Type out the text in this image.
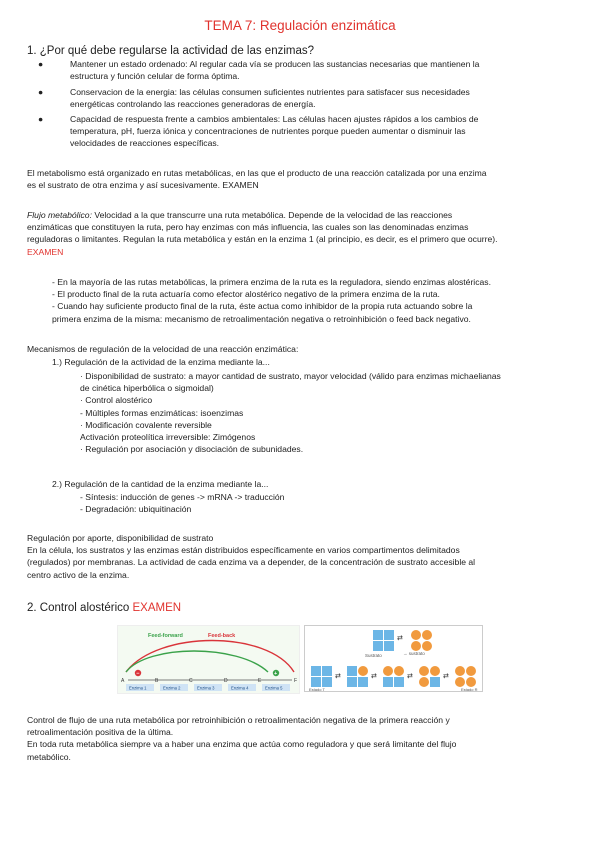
TEMA 7: Regulación enzimática
1. ¿Por qué debe regularse la actividad de las enzimas?
●	Mantener un estado ordenado: Al regular cada vía se producen las sustancias necesarias que mantienen la
estructura y función celular de forma óptima.
●	Conservacion de la energia: las células consumen suficientes nutrientes para satisfacer sus necesidades
energéticas controlando las reacciones generadoras de energía.
●	Capacidad de respuesta frente a cambios ambientales: Las células hacen ajustes rápidos a los cambios de
temperatura, pH, fuerza iónica y concentraciones de nutrientes porque pueden aumentar o disminuir las
velocidades de reacciones específicas.
El metabolismo está organizado en rutas metabólicas, en las que el producto de una reacción catalizada por una enzima
es el sustrato de otra enzima y así sucesivamente. EXAMEN
Flujo metabólico: Velocidad a la que transcurre una ruta metabólica. Depende de la velocidad de las reacciones
enzimáticas que constituyen la ruta, pero hay enzimas con más influencia, las cuales son las denominadas enzimas
reguladoras o limitantes. Regulan la ruta metabólica y están en la enzima 1 (al principio, es decir, es el primero que ocurre).
EXAMEN
- En la mayoría de las rutas metabólicas, la primera enzima de la ruta es la reguladora, siendo enzimas alostéricas.
- El producto final de la ruta actuaría como efector alostérico negativo de la primera enzima de la ruta.
- Cuando hay suficiente producto final de la ruta, éste actua como inhibidor de la propia ruta actuando sobre la
primera enzima de la misma: mecanismo de retroalimentación negativa o retroinhibición o feed back negativo.
Mecanismos de regulación de la velocidad de una reacción enzimática:
1.) Regulación de la actividad de la enzima mediante la...
· Disponibilidad de sustrato: a mayor cantidad de sustrato, mayor velocidad (válido para enzimas michaelianas
de cinética hiperbólica o sigmoidal)
· Control alostérico
- Múltiples formas enzimáticas: isoenzimas
· Modificación covalente reversible
Activación proteolítica irreversible: Zimógenos
· Regulación por asociación y disociación de subunidades.
2.) Regulación de la cantidad de la enzima mediante la...
- Síntesis: inducción de genes -> mRNA -> traducción
- Degradación: ubiquitinación
Regulación por aporte, disponibilidad de sustrato
En la célula, los sustratos y las enzimas están distribuidos específicamente en varios compartimentos delimitados
(regulados) por membranas. La actividad de cada enzima va a depender, de la concentración de sustrato accesible al
centro activo de la enzima.
2. Control alostérico EXAMEN
Feed-forward	Feed-back
A	B	C	D	E	F
Enzima 1	Enzima 2	Enzima 3	Enzima 4	Enzima 5
−	+
⇄
→ sustrato
Sustrato
⇄	⇄	⇄	⇄
Estado T	Estado R
Control de flujo de una ruta metabólica por retroinhibición o retroalimentación negativa de la primera reacción y
retroalimentación positiva de la última.
En toda ruta metabólica siempre va a haber una enzima que actúa como reguladora y que será limitante del flujo
metabólico.
